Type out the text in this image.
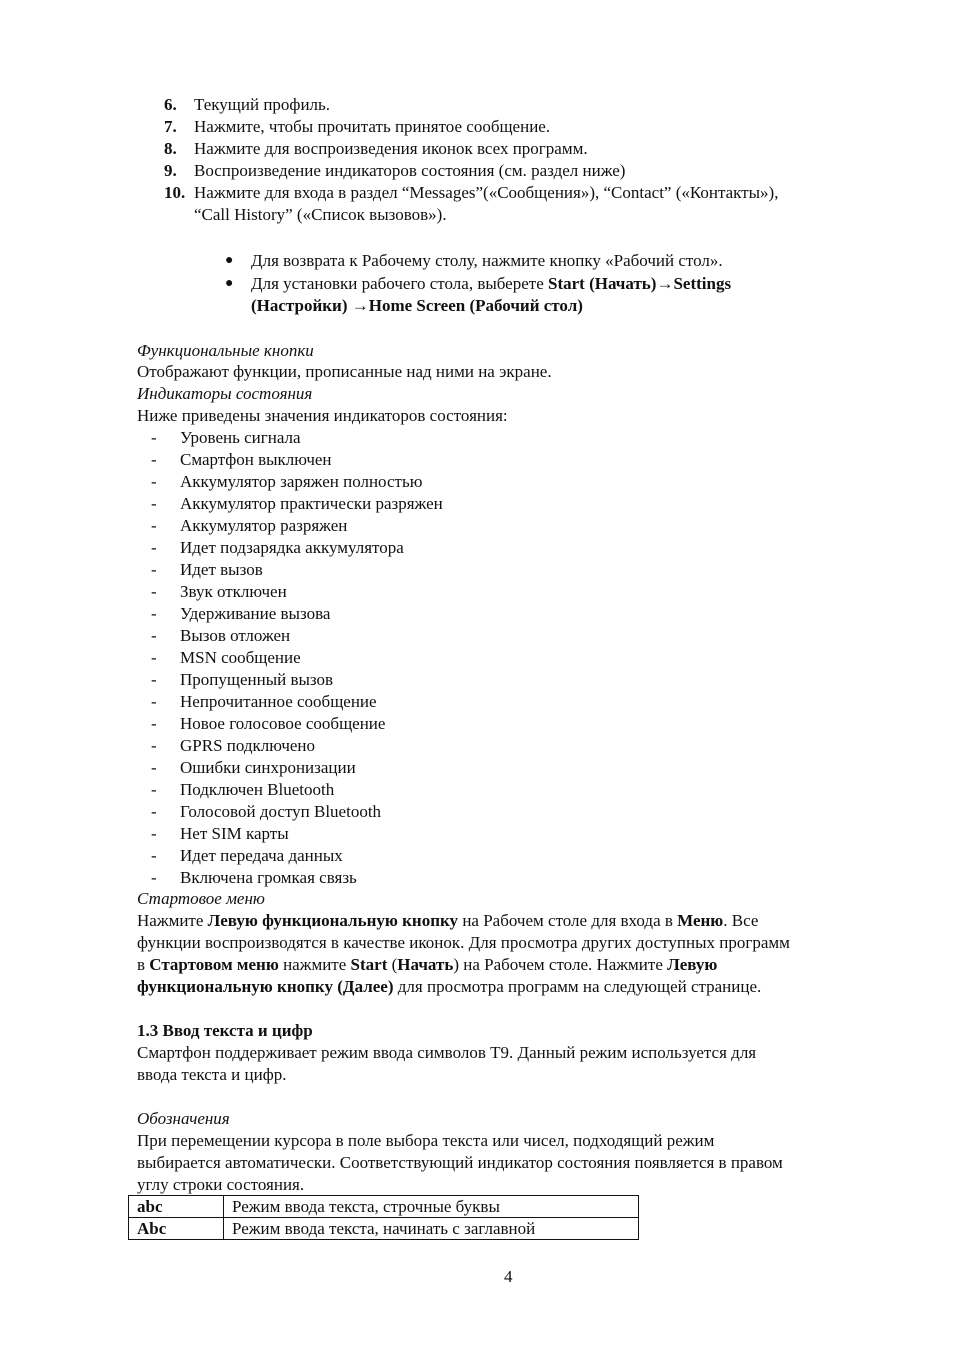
6. Текущий профиль.
7. Нажмите, чтобы прочитать принятое сообщение.
8. Нажмите для воспроизведения иконок всех программ.
9. Воспроизведение индикаторов состояния (см. раздел ниже)
10. Нажмите для входа в раздел “Messages”(«Сообщения»), “Contact” («Контакты»),
“Call History” («Список вызовов»).
● Для возврата к Рабочему столу, нажмите кнопку «Рабочий стол».
● Для установки рабочего стола, выберете Start (Начать)→Settings
(Настройки) →Home Screen (Рабочий стол)
Функциональные кнопки
Отображают функции, прописанные над ними на экране.
Индикаторы состояния
Ниже приведены значения индикаторов состояния:
- Уровень сигнала
- Смартфон выключен
- Аккумулятор заряжен полностью
- Аккумулятор практически разряжен
- Аккумулятор разряжен
- Идет подзарядка аккумулятора
- Идет вызов
- Звук отключен
- Удерживание вызова
- Вызов отложен
- MSN сообщение
- Пропущенный вызов
- Непрочитанное сообщение
- Новое голосовое сообщение
- GPRS подключено
- Ошибки синхронизации
- Подключен Bluetooth
- Голосовой доступ Bluetooth
- Нет SIM карты
- Идет передача данных
- Включена громкая связь
Стартовое меню
Нажмите Левую функциональную кнопку на Рабочем столе для входа в Меню. Все
функции воспроизводятся в качестве иконок. Для просмотра других доступных программ
в Стартовом меню нажмите Start (Начать) на Рабочем столе. Нажмите Левую
функциональную кнопку (Далее) для просмотра программ на следующей странице.
1.3 Ввод текста и цифр
Смартфон поддерживает режим ввода символов T9. Данный режим используется для
ввода текста и цифр.
Обозначения
При перемещении курсора в поле выбора текста или чисел, подходящий режим
выбирается автоматически. Соответствующий индикатор состояния появляется в правом
углу строки состояния.
abc	Режим ввода текста, строчные буквы
Abc	Режим ввода текста, начинать с заглавной
4
